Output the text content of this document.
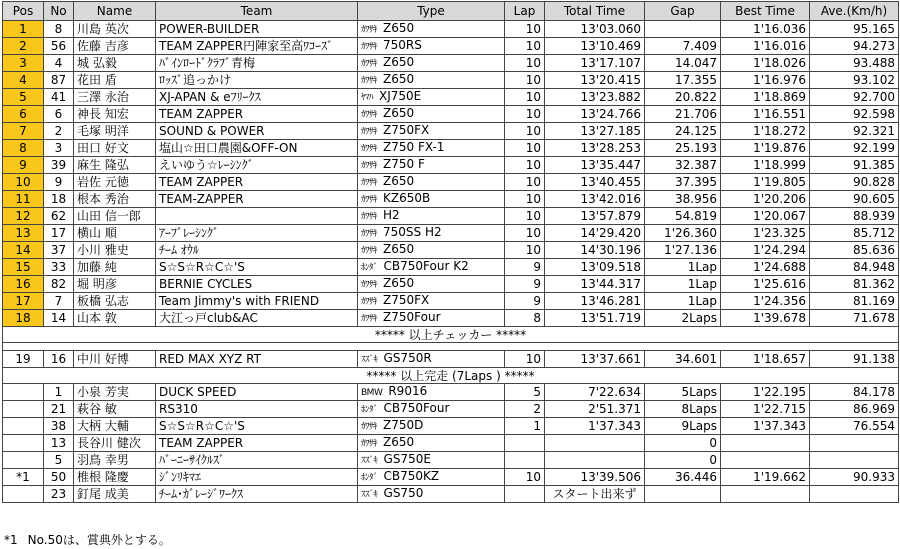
Pos	No	Name	Team	Type	Lap	Total Time	Gap	Best Time	Ave.(Km/h)
1	8	川島 英次	POWER-BUILDER	ｶﾜｻｷ Z650	10	13'03.060		1'16.036	95.165
2	56	佐藤 吉彦	TEAM ZAPPER円陣家至高ﾜｺｰｽﾞ	ｶﾜｻｷ 750RS	10	13'10.469	7.409	1'16.016	94.273
3	4	城 弘毅	ﾊﾞｲﾝﾛｰﾄﾞｸﾗﾌﾞ青梅	ｶﾜｻｷ Z650	10	13'17.107	14.047	1'18.026	93.488
4	87	花田 盾	ﾛｯｽﾞ追っかけ	ｶﾜｻｷ Z650	10	13'20.415	17.355	1'16.976	93.102
5	41	三澤 永治	XJ-APAN & eﾌﾘｰｸｽ	ﾔﾏﾊ XJ750E	10	13'23.882	20.822	1'18.869	92.700
6	6	神長 知宏	TEAM ZAPPER	ｶﾜｻｷ Z650	10	13'24.766	21.706	1'16.551	92.598
7	2	毛塚 明洋	SOUND & POWER	ｶﾜｻｷ Z750FX	10	13'27.185	24.125	1'18.272	92.321
8	3	田口 好文	塩山☆田口農園&OFF-ON	ｶﾜｻｷ Z750 FX-1	10	13'28.253	25.193	1'19.876	92.199
9	39	麻生 隆弘	えいゆう☆ﾚｰｼﾝｸﾞ	ｶﾜｻｷ Z750 F	10	13'35.447	32.387	1'18.999	91.385
10	9	岩佐 元徳	TEAM ZAPPER	ｶﾜｻｷ Z650	10	13'40.455	37.395	1'19.805	90.828
11	18	根本 秀治	TEAM-ZAPPER	ｶﾜｻｷ KZ650B	10	13'42.016	38.956	1'20.206	90.605
12	62	山田 信一郎		ｶﾜｻｷ H2	10	13'57.879	54.819	1'20.067	88.939
13	17	横山 順	ｱｰﾌﾞﾚｰｼﾝｸﾞ	ｶﾜｻｷ 750SS H2	10	14'29.420	1'26.360	1'23.325	85.712
14	37	小川 雅史	ﾁｰﾑ ｵｳﾙ	ｶﾜｻｷ Z650	10	14'30.196	1'27.136	1'24.294	85.636
15	33	加藤 純	S☆S☆R☆C☆'S	ﾎﾝﾀﾞ CB750Four K2	9	13'09.518	1Lap	1'24.688	84.948
16	82	堀 明彦	BERNIE CYCLES	ｶﾜｻｷ Z650	9	13'44.317	1Lap	1'25.616	81.362
17	7	板橋 弘志	Team Jimmy's with FRIEND	ｶﾜｻｷ Z750FX	9	13'46.281	1Lap	1'24.356	81.169
18	14	山本 敦	大江っ戸club&AC	ｶﾜｻｷ Z750Four	8	13'51.719	2Laps	1'39.678	71.678
***** 以上チェッカー *****									

19	16	中川 好博	RED MAX XYZ RT	ｽｽﾞｷ GS750R	10	13'37.661	34.601	1'18.657	91.138
***** 以上完走 (7Laps ) *****									
	1	小泉 芳実	DUCK SPEED	BMW R9016	5	7'22.634	5Laps	1'22.195	84.178
	21	萩谷 敏	RS310	ﾎﾝﾀﾞ CB750Four	2	2'51.371	8Laps	1'22.715	86.969
	38	大柄 大輔	S☆S☆R☆C☆'S	ｶﾜｻｷ Z750D	1	1'37.343	9Laps	1'37.343	76.554
	13	長谷川 健次	TEAM ZAPPER	ｶﾜｻｷ Z650			0		
	5	羽鳥 幸男	ﾊﾞｰﾆｰｻｲｸﾙｽﾞ	ｽｽﾞｷ GS750E			0		
*1	50	椎根 隆慶	ｼﾞﾝﾘｷﾏｴ	ﾎﾝﾀﾞ CB750KZ	10	13'39.506	36.446	1'19.662	90.933
	23	釘尾 成美	ﾁｰﾑ･ｶﾞﾚｰｼﾞﾜｰｸｽ	ｽｽﾞｷ GS750		スタート出来ず			
*1 No.50は、賞典外とする。
